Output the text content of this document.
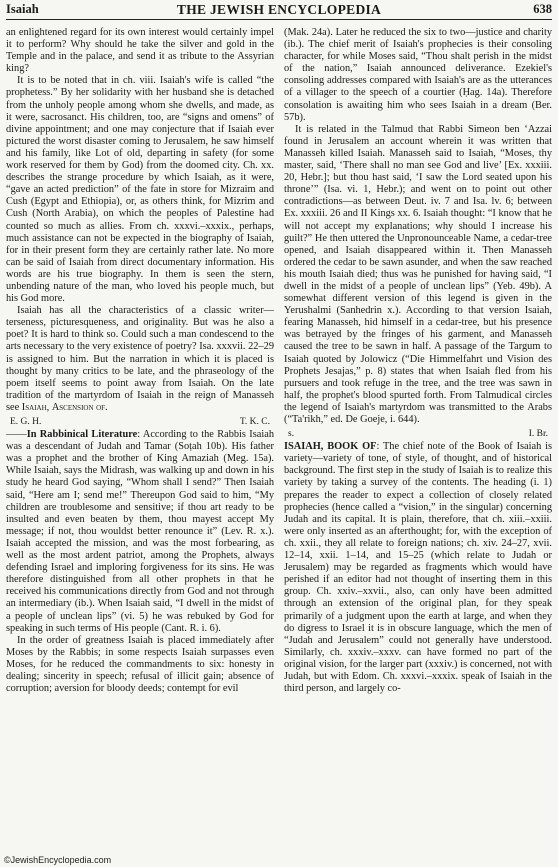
Isaiah	THE JEWISH ENCYCLOPEDIA	638

an enlightened regard for its own interest would certainly impel it to perform? Why should he take the silver and gold in the Temple and in the palace, and send it as tribute to the Assyrian king?

It is to be noted that in ch. viii. Isaiah's wife is called “the prophetess.” By her solidarity with her husband she is detached from the unholy people among whom she dwells, and made, as it were, sacrosanct. His children, too, are “signs and omens” of divine appointment; and one may conjecture that if Isaiah ever pictured the worst disaster coming to Jerusalem, he saw himself and his family, like Lot of old, departing in safety (for some work reserved for them by God) from the doomed city. Ch. xx. describes the strange procedure by which Isaiah, as it were, “gave an acted prediction” of the fate in store for Mizraim and Cush (Egypt and Ethiopia), or, as others think, for Mizrim and Cush (North Arabia), on which the peoples of Palestine had counted so much as allies. From ch. xxxvi.–xxxix., perhaps, much assistance can not be expected in the biography of Isaiah, for in their present form they are certainly rather late. No more can be said of Isaiah from direct documentary information. His words are his true biography. In them is seen the stern, unbending nature of the man, who loved his people much, but his God more.

Isaiah has all the characteristics of a classic writer—terseness, picturesqueness, and originality. But was he also a poet? It is hard to think so. Could such a man condescend to the arts necessary to the very existence of poetry? Isa. xxxvii. 22–29 is assigned to him. But the narration in which it is placed is thought by many critics to be late, and the phraseology of the poem itself seems to point away from Isaiah. On the late tradition of the martyrdom of Isaiah in the reign of Manasseh see Isaiah, Ascension of.

E. G. H.	T. K. C.

——In Rabbinical Literature: According to the Rabbis Isaiah was a descendant of Judah and Tamar (Soṭah 10b). His father was a prophet and the brother of King Amaziah (Meg. 15a). While Isaiah, says the Midrash, was walking up and down in his study he heard God saying, “Whom shall I send?” Then Isaiah said, “Here am I; send me!” Thereupon God said to him, “My children are troublesome and sensitive; if thou art ready to be insulted and even beaten by them, thou mayest accept My message; if not, thou wouldst better renounce it” (Lev. R. x.). Isaiah accepted the mission, and was the most forbearing, as well as the most ardent patriot, among the Prophets, always defending Israel and imploring forgiveness for its sins. He was therefore distinguished from all other prophets in that he received his communications directly from God and not through an intermediary (ib.). When Isaiah said, “I dwell in the midst of a people of unclean lips” (vi. 5) he was rebuked by God for speaking in such terms of His people (Cant. R. i. 6).

In the order of greatness Isaiah is placed immediately after Moses by the Rabbis; in some respects Isaiah surpasses even Moses, for he reduced the commandments to six: honesty in dealing; sincerity in speech; refusal of illicit gain; absence of corruption; aversion for bloody deeds; contempt for evil

(Mak. 24a). Later he reduced the six to two—justice and charity (ib.). The chief merit of Isaiah's prophecies is their consoling character, for while Moses said, “Thou shalt perish in the midst of the nation,” Isaiah announced deliverance. Ezekiel's consoling addresses compared with Isaiah's are as the utterances of a villager to the speech of a courtier (Ḥag. 14a). Therefore consolation is awaiting him who sees Isaiah in a dream (Ber. 57b).

It is related in the Talmud that Rabbi Simeon ben ‘Azzai found in Jerusalem an account wherein it was written that Manasseh killed Isaiah. Manasseh said to Isaiah, “Moses, thy master, said, ‘There shall no man see God and live’ [Ex. xxxiii. 20, Hebr.]; but thou hast said, ‘I saw the Lord seated upon his throne’” (Isa. vi. 1, Hebr.); and went on to point out other contradictions—as between Deut. iv. 7 and Isa. lv. 6; between Ex. xxxiii. 26 and II Kings xx. 6. Isaiah thought: “I know that he will not accept my explanations; why should I increase his guilt?” He then uttered the Unpronounceable Name, a cedar-tree opened, and Isaiah disappeared within it. Then Manasseh ordered the cedar to be sawn asunder, and when the saw reached his mouth Isaiah died; thus was he punished for having said, “I dwell in the midst of a people of unclean lips” (Yeb. 49b). A somewhat different version of this legend is given in the Yerushalmi (Sanhedrin x.). According to that version Isaiah, fearing Manasseh, hid himself in a cedar-tree, but his presence was betrayed by the fringes of his garment, and Manasseh caused the tree to be sawn in half. A passage of the Targum to Isaiah quoted by Jolowicz (“Die Himmelfahrt und Vision des Prophets Jesajas,” p. 8) states that when Isaiah fled from his pursuers and took refuge in the tree, and the tree was sawn in half, the prophet's blood spurted forth. From Talmudical circles the legend of Isaiah's martyrdom was transmitted to the Arabs (“Ta'rikh,” ed. De Goeje, i. 644).

s.	I. Br.

ISAIAH, BOOK OF: The chief note of the Book of Isaiah is variety—variety of tone, of style, of thought, and of historical background. The first step in the study of Isaiah is to realize this variety by taking a survey of the contents. The heading (i. 1) prepares the reader to expect a collection of closely related prophecies (hence called a “vision,” in the singular) concerning Judah and its capital. It is plain, therefore, that ch. xiii.–xxiii. were only inserted as an afterthought; for, with the exception of ch. xxii., they all relate to foreign nations; ch. xiv. 24–27, xvii. 12–14, xxii. 1–14, and 15–25 (which relate to Judah or Jerusalem) may be regarded as fragments which would have perished if an editor had not thought of inserting them in this group. Ch. xxiv.–xxvii., also, can only have been admitted through an extension of the original plan, for they speak primarily of a judgment upon the earth at large, and when they do digress to Israel it is in obscure language, which the men of “Judah and Jerusalem” could not generally have understood. Similarly, ch. xxxiv.–xxxv. can have formed no part of the original vision, for the larger part (xxxiv.) is concerned, not with Judah, but with Edom. Ch. xxxvi.–xxxix. speak of Isaiah in the third person, and largely co-

©JewishEncyclopedia.com
